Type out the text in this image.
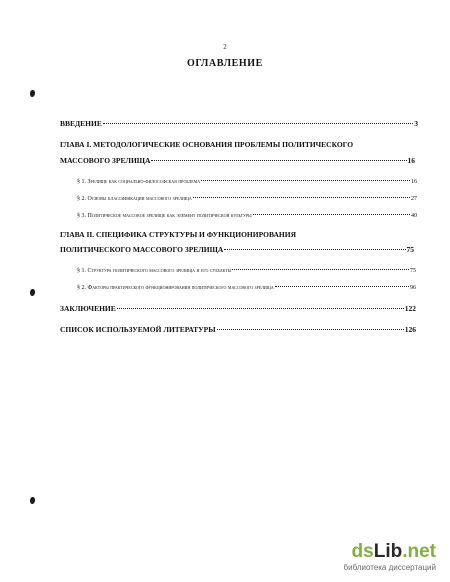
2
ОГЛАВЛЕНИЕ
ВВЕДЕНИЕ	3
ГЛАВА I. МЕТОДОЛОГИЧЕСКИЕ ОСНОВАНИЯ ПРОБЛЕМЫ ПОЛИТИЧЕСКОГО
МАССОВОГО ЗРЕЛИЩА	16
§ 1. Зрелище как социально-философская проблема	16
§ 2. Основы классификации массового зрелища	27
§ 3. Политическое массовое зрелище как элемент политической культуры	40
ГЛАВА II. СПЕЦИФИКА СТРУКТУРЫ И ФУНКЦИОНИРОВАНИЯ
ПОЛИТИЧЕСКОГО МАССОВОГО ЗРЕЛИЩА	75
§ 1. Структура политического массового зрелища и его субъекты	75
§ 2. Факторы практического функционирования политического массового зрелища	96
ЗАКЛЮЧЕНИЕ	122
СПИСОК ИСПОЛЬЗУЕМОЙ ЛИТЕРАТУРЫ	126
dsLib.net
библиотека диссертаций
